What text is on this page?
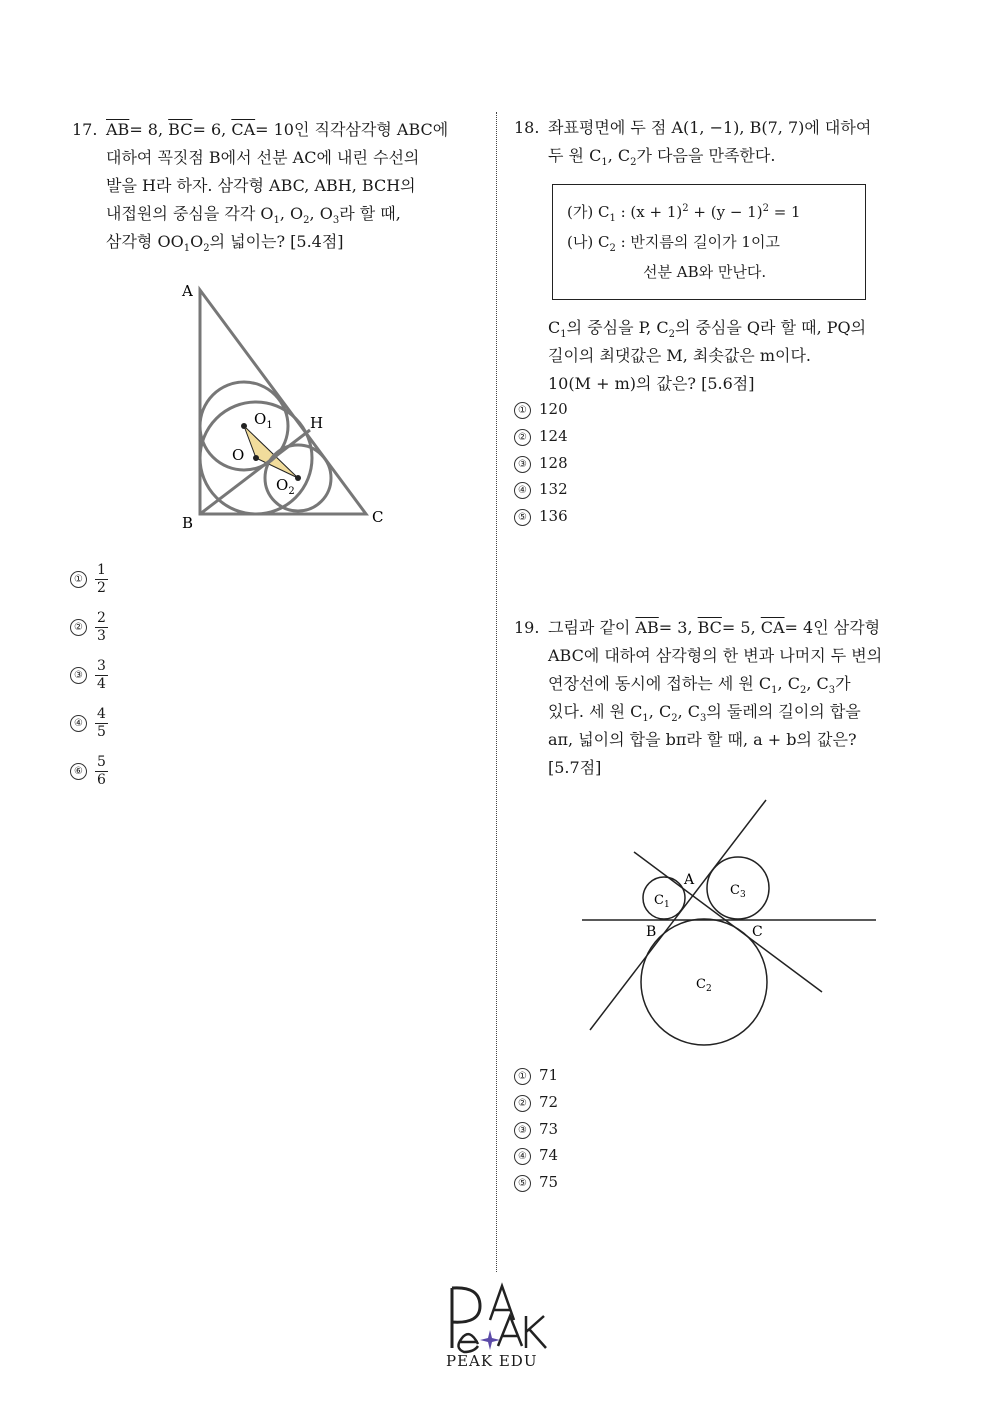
17. $\overline{AB}= 8$, $\overline{BC}= 6$, $\overline{CA}= 10$인 직각삼각형 ABC에
대하여 꼭짓점 B에서 선분 AC에 내린 수선의
발을 H라 하자. 삼각형 ABC, ABH, BCH의
내접원의 중심을 각각 $O_1$, $O_2$, $O_3$라 할 때,
삼각형 $OO_1O_2$의 넓이는? [5.4점]
A
B	C
H
O
$O_1$
$O_2$
① $\frac{1}{2}$
② $\frac{2}{3}$
③ $\frac{3}{4}$
④ $\frac{4}{5}$
⑥ $\frac{5}{6}$
18. 좌표평면에 두 점 A(1, −1), B(7, 7)에 대하여
두 원 $C_1$, $C_2$가 다음을 만족한다.
(가) $C_1$ : $(x + 1)^2 + (y - 1)^2 = 1$
(나) $C_2$ : 반지름의 길이가 1이고
선분 AB와 만난다.
$C_1$의 중심을 P, $C_2$의 중심을 Q라 할 때, PQ의
길이의 최댓값은 M, 최솟값은 m이다.
10(M + m)의 값은? [5.6점]
① 120
② 124
③ 128
④ 132
⑤ 136
19. 그림과 같이 $\overline{AB}= 3$, $\overline{BC}= 5$, $\overline{CA}= 4$인 삼각형
ABC에 대하여 삼각형의 한 변과 나머지 두 변의
연장선에 동시에 접하는 세 원 $C_1$, $C_2$, $C_3$가
있다. 세 원 $C_1$, $C_2$, $C_3$의 둘레의 길이의 합을
aπ, 넓이의 합을 bπ라 할 때, a + b의 값은?
[5.7점]
A
B	C
$C_1$
$C_3$
$C_2$
① 71
② 72
③ 73
④ 74
⑤ 75
PEAK EDU
